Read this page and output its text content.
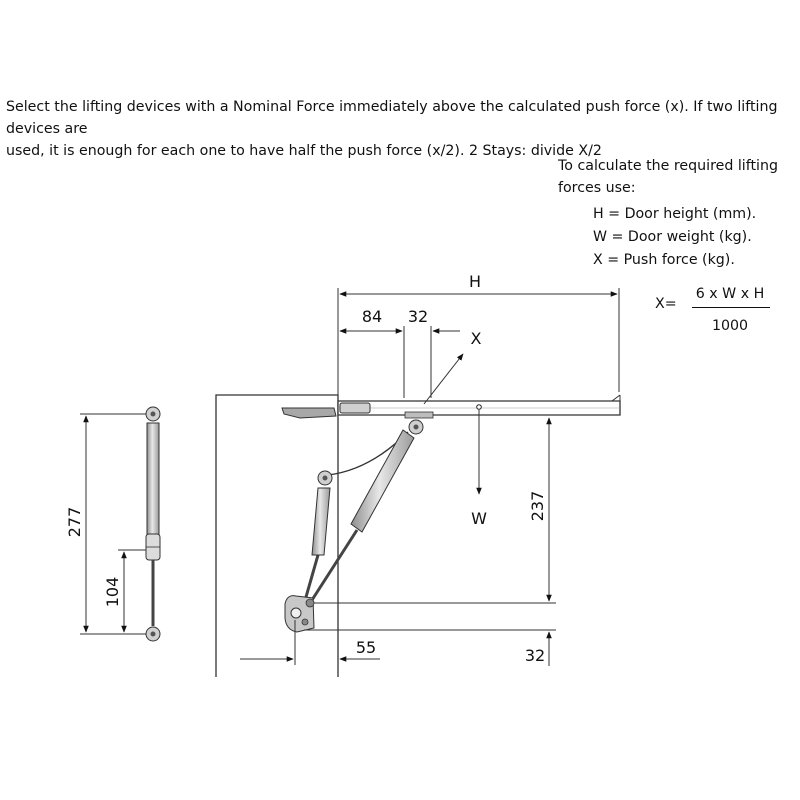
Select the lifting devices with a Nominal Force immediately above the calculated push force (x). If two lifting devices are
used, it is enough for each one to have half the push force (x/2). 2 Stays: divide X/2

To calculate the required lifting
forces use:
H = Door height (mm).
W = Door weight (kg).
X = Push force (kg).
X=
6 x W x H
1000
H
84 32
X
W	237
32
55
277
104
